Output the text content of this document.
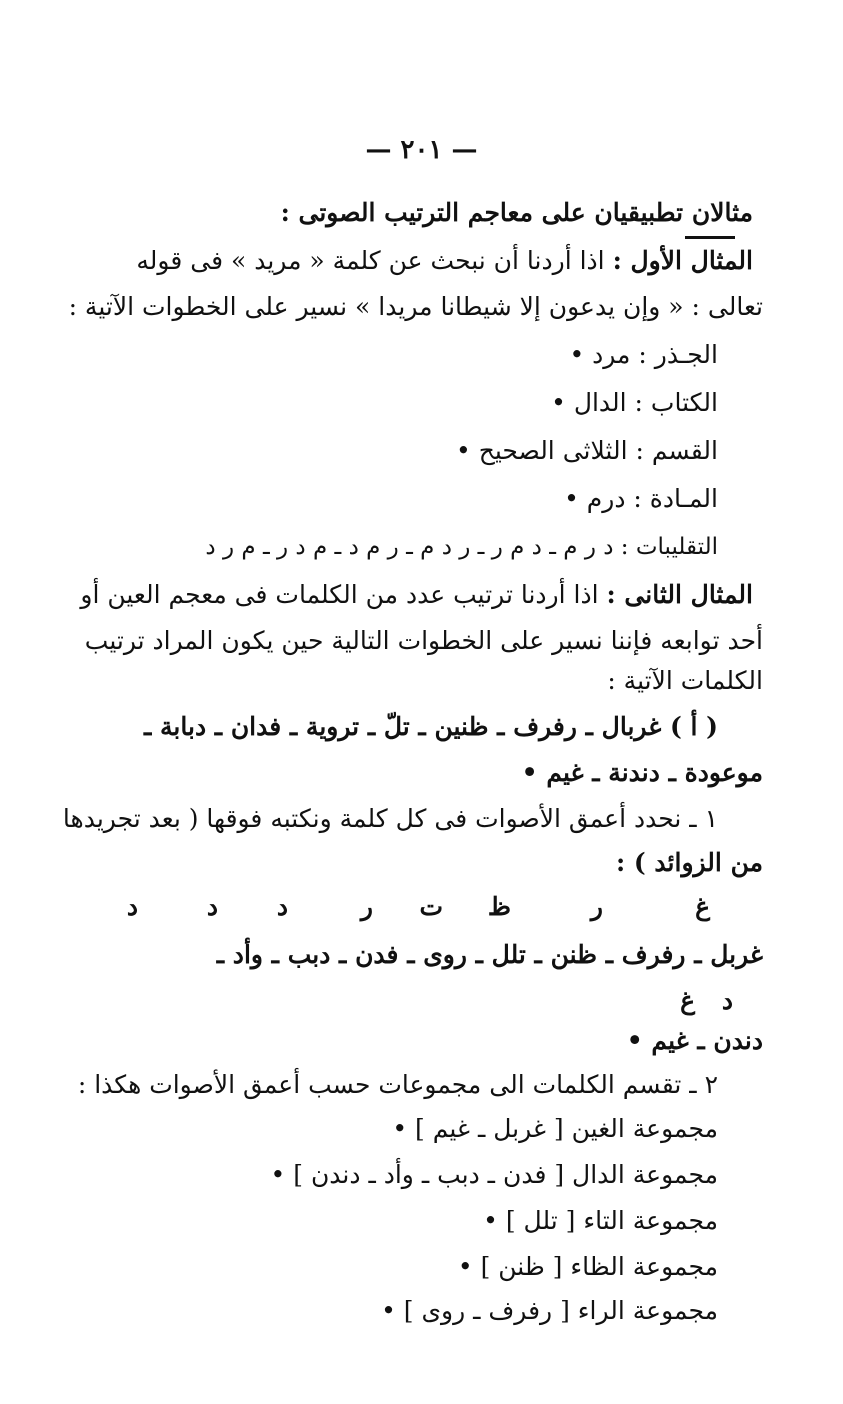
— ٢٠١ —
مثالان تطبيقيان على معاجم الترتيب الصوتى :
المثال الأول : اذا أردنا أن نبحث عن كلمة « مريد » فى قوله
تعالى : « وإن يدعون إلا شيطانا مريدا » نسير على الخطوات الآتية :
الجـذر : مرد •
الكتاب : الدال •
القسم : الثلاثى الصحيح •
المـادة : درم •
التقليبات : د ر م ـ د م ر ـ ر د م ـ ر م د ـ م د ر ـ م ر د
المثال الثانى : اذا أردنا ترتيب عدد من الكلمات فى معجم العين أو
أحد توابعه فإننا نسير على الخطوات التالية حين يكون المراد ترتيب
الكلمات الآتية :
( أ ) غربال ـ رفرف ـ ظنين ـ تلّ ـ تروية ـ فدان ـ دبابة ـ
موعودة ـ دندنة ـ غيم •
١ ـ نحدد أعمق الأصوات فى كل كلمة ونكتبه فوقها ( بعد تجريدها
من الزوائد ) :
غ
ر
ظ
ت
ر
د
د
د
غربل ـ رفرف ـ ظنن ـ تلل ـ روى ـ فدن ـ دبب ـ وأد ـ
د
غ
دندن ـ غيم •
٢ ـ تقسم الكلمات الى مجموعات حسب أعمق الأصوات هكذا :
مجموعة الغين [ غربل ـ غيم ] •
مجموعة الدال [ فدن ـ دبب ـ وأد ـ دندن ] •
مجموعة التاء [ تلل ] •
مجموعة الظاء [ ظنن ] •
مجموعة الراء [ رفرف ـ روى ] •
